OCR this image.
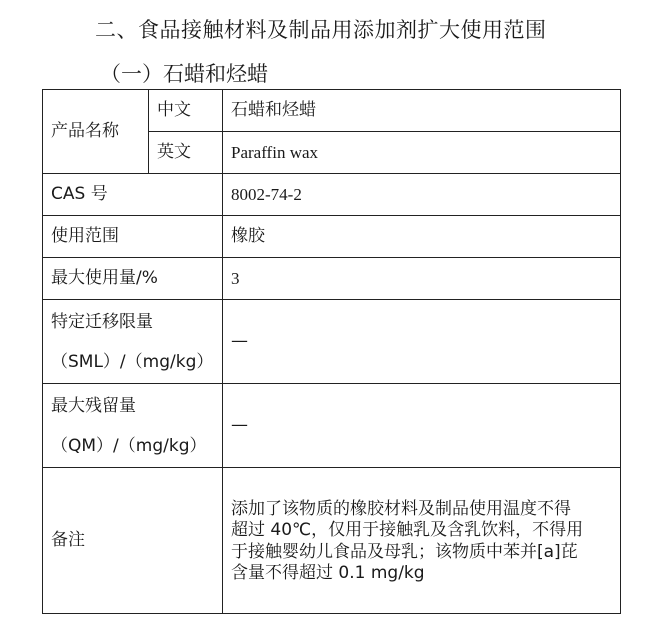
二、食品接触材料及制品用添加剂扩大使用范围
（一）石蜡和烃蜡
产品名称	中文	石蜡和烃蜡
	英文	Paraffin wax
CAS 号		8002-74-2
使用范围		橡胶
最大使用量/%		3

特定迁移限量
（SML）/（mg/kg）		—

最大残留量
（QM）/（mg/kg）		—
备注		添加了该物质的橡胶材料及制品使用温度不得
超过 40℃，仅用于接触乳及含乳饮料，不得用
于接触婴幼儿食品及母乳；该物质中苯并[a]芘
含量不得超过 0.1 mg/kg
